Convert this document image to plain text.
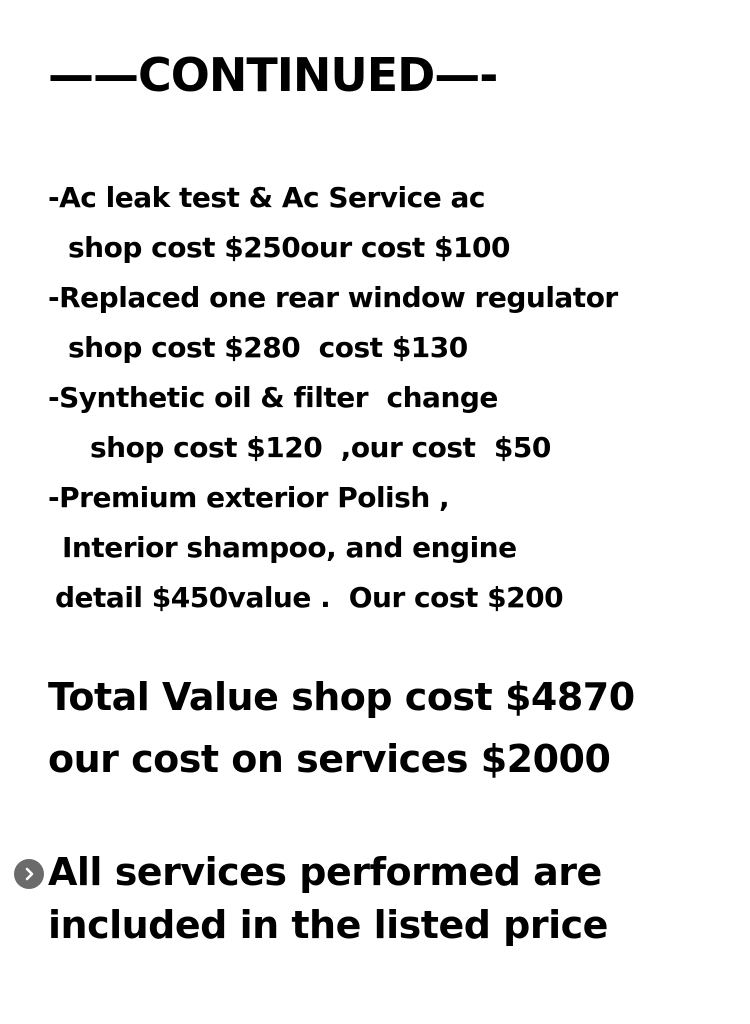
——CONTINUED—-
-Ac leak test & Ac Service ac
shop cost $250our cost $100
-Replaced one rear window regulator
shop cost $280  cost $130
-Synthetic oil & filter  change
shop cost $120  ,our cost  $50
-Premium exterior Polish ,
Interior shampoo, and engine
detail $450value .  Our cost $200
Total Value shop cost $4870
our cost on services $2000
All services performed are
included in the listed price
